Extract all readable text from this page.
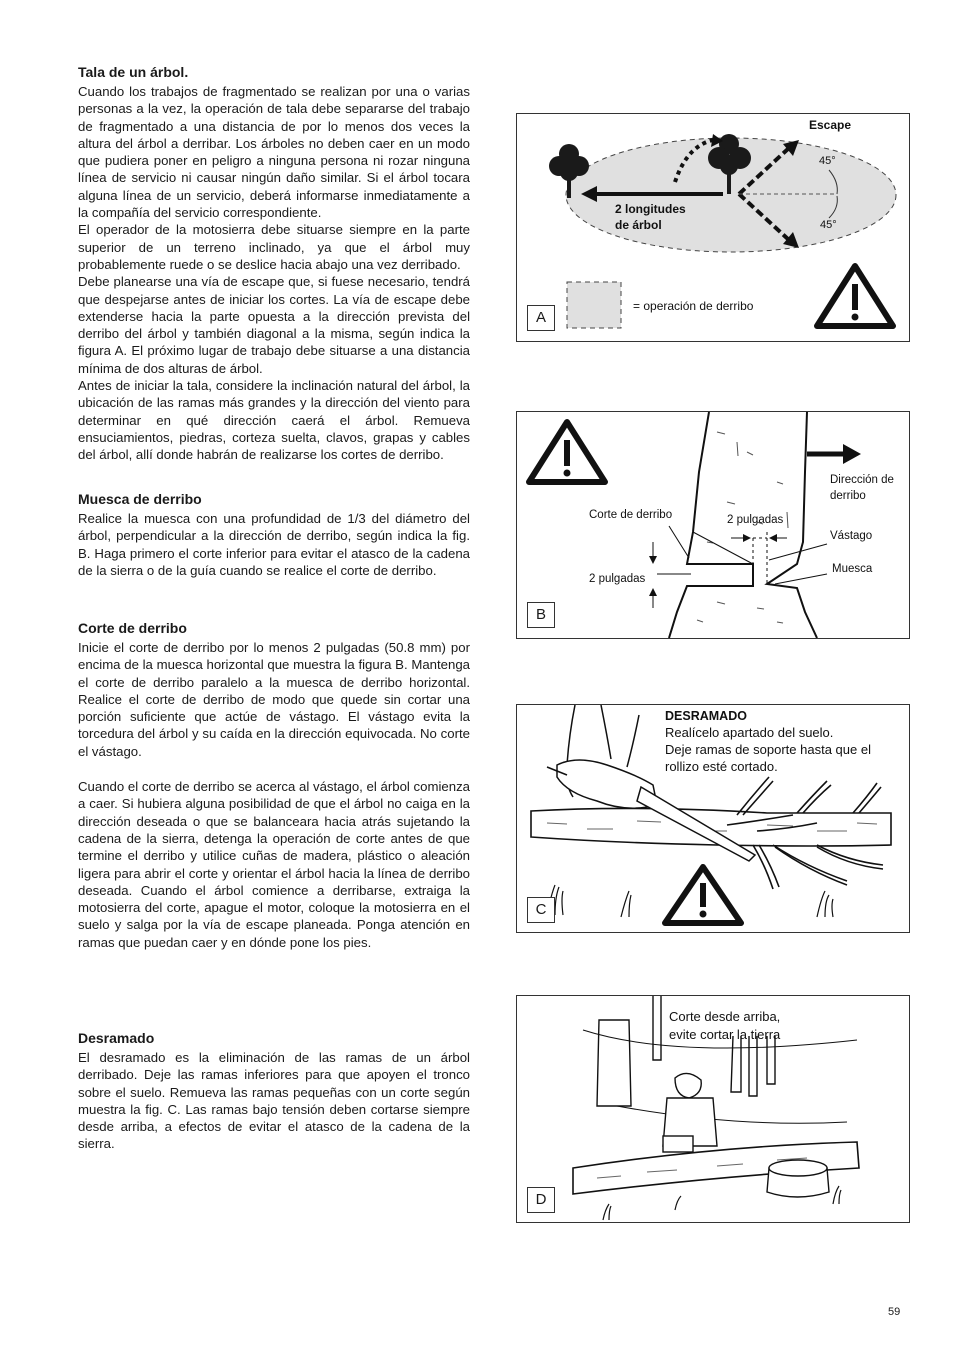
Tala de un árbol.

Cuando los trabajos de fragmentado se realizan por una o varias personas a la vez, la operación de tala debe separarse del trabajo de fragmentado a una distancia de por lo menos dos veces la altura del árbol a derribar. Los árboles no deben caer en un modo que pudiera poner en peligro a ninguna persona ni rozar ninguna línea de servicio ni causar ningún daño similar. Si el árbol tocara alguna línea de un servicio, deberá informarse inmediatamente a la compañía del servicio correspondiente.

El operador de la motosierra debe situarse siempre en la parte superior de un terreno inclinado, ya que el árbol muy probablemente ruede o se deslice hacia abajo una vez derribado.

Debe planearse una vía de escape que, si fuese necesario, tendrá que despejarse antes de iniciar los cortes. La vía de escape debe extenderse hacia la parte opuesta a la dirección prevista del derribo del árbol y también diagonal a la misma, según indica la figura A. El próximo lugar de trabajo debe situarse a una distancia mínima de dos alturas de árbol.

Antes de iniciar la tala, considere la inclinación natural del árbol, la ubicación de las ramas más grandes y la dirección del viento para determinar en qué dirección caerá el árbol. Remueva ensuciamientos, piedras, corteza suelta, clavos, grapas y cables del árbol, allí donde habrán de realizarse los cortes de derribo.

Muesca de derribo

Realice la muesca con una profundidad de 1/3 del diámetro del árbol, perpendicular a la dirección de derribo, según indica la fig. B. Haga primero el corte inferior para evitar el atasco de la cadena de la sierra o de la guía cuando se realice el corte de derribo.

Corte de derribo

Inicie el corte de derribo por lo menos 2 pulgadas (50.8 mm) por encima de la muesca horizontal que muestra la figura B. Mantenga el corte de derribo paralelo a la muesca de derribo horizontal. Realice el corte de derribo de modo que quede sin cortar una porción suficiente que actúe de vástago. El vástago evita la torcedura del árbol y su caída en la dirección equivocada. No corte el vástago.

Cuando el corte de derribo se acerca al vástago, el árbol comienza a caer. Si hubiera alguna posibilidad de que el árbol no caiga en la dirección deseada o que se balanceara hacia atrás sujetando la cadena de la sierra, detenga la operación de corte antes de que termine el derribo y utilice cuñas de madera, plástico o aleación ligera para abrir el corte y orientar el árbol hacia la línea de derribo deseada. Cuando el árbol comience a derribarse, extraiga la motosierra del corte, apague el motor, coloque la motosierra en el suelo y salga por la vía de escape planeada. Ponga atención en ramas que puedan caer y en dónde pone los pies.

Desramado

El desramado es la eliminación de las ramas de un árbol derribado. Deje las ramas inferiores para que apoyen el tronco sobre el suelo. Remueva las ramas pequeñas con un corte según muestra la fig. C. Las ramas bajo tensión deben cortarse siempre desde arriba, a efectos de evitar el atasco de la cadena de la sierra.

Escape
45°
45°
2 longitudes
de árbol
= operación de derribo
A
Dirección de
derribo
Corte de derribo	2 pulgadas
Vástago
Muesca
2 pulgadas
B
DESRAMADO
Realícelo apartado del suelo.
Deje ramas de soporte hasta que el
rollizo esté cortado.
C
Corte desde arriba,
evite cortar la tierra
D
59
